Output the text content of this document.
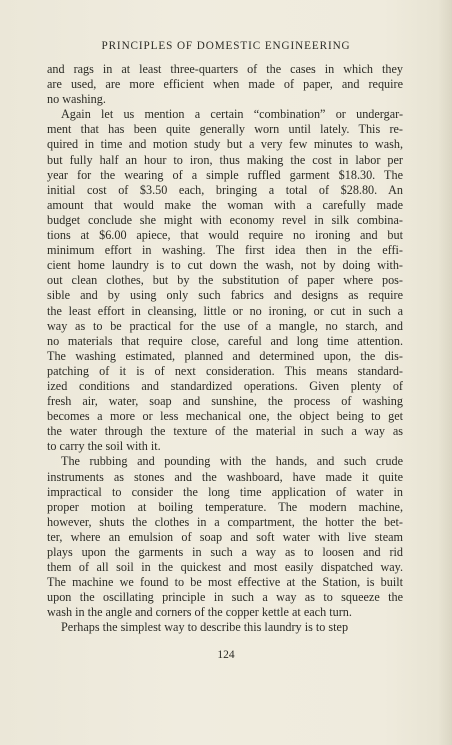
PRINCIPLES OF DOMESTIC ENGINEERING
and rags in at least three-quarters of the cases in which they
are used, are more efficient when made of paper, and require
no washing.
Again let us mention a certain “combination” or undergar-
ment that has been quite generally worn until lately. This re-
quired in time and motion study but a very few minutes to wash,
but fully half an hour to iron, thus making the cost in labor per
year for the wearing of a simple ruffled garment $18.30. The
initial cost of $3.50 each, bringing a total of $28.80. An
amount that would make the woman with a carefully made
budget conclude she might with economy revel in silk combina-
tions at $6.00 apiece, that would require no ironing and but
minimum effort in washing. The first idea then in the effi-
cient home laundry is to cut down the wash, not by doing with-
out clean clothes, but by the substitution of paper where pos-
sible and by using only such fabrics and designs as require
the least effort in cleansing, little or no ironing, or cut in such a
way as to be practical for the use of a mangle, no starch, and
no materials that require close, careful and long time attention.
The washing estimated, planned and determined upon, the dis-
patching of it is of next consideration. This means standard-
ized conditions and standardized operations. Given plenty of
fresh air, water, soap and sunshine, the process of washing
becomes a more or less mechanical one, the object being to get
the water through the texture of the material in such a way as
to carry the soil with it.
The rubbing and pounding with the hands, and such crude
instruments as stones and the washboard, have made it quite
impractical to consider the long time application of water in
proper motion at boiling temperature. The modern machine,
however, shuts the clothes in a compartment, the hotter the bet-
ter, where an emulsion of soap and soft water with live steam
plays upon the garments in such a way as to loosen and rid
them of all soil in the quickest and most easily dispatched way.
The machine we found to be most effective at the Station, is built
upon the oscillating principle in such a way as to squeeze the
wash in the angle and corners of the copper kettle at each turn.
Perhaps the simplest way to describe this laundry is to step
124
